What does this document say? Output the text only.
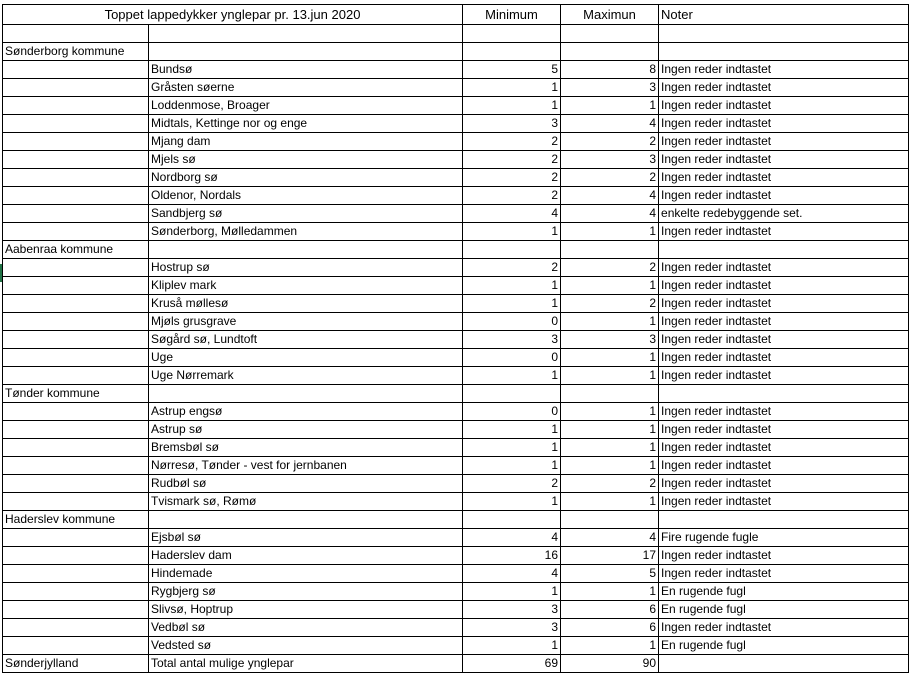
Toppet lappedykker ynglepar pr. 13.jun 2020		Minimum	Maximun	Noter

Sønderborg kommune				
	Bundsø	5	8	Ingen reder indtastet
	Gråsten søerne	1	3	Ingen reder indtastet
	Loddenmose, Broager	1	1	Ingen reder indtastet
	Midtals, Kettinge nor og enge	3	4	Ingen reder indtastet
	Mjang dam	2	2	Ingen reder indtastet
	Mjels sø	2	3	Ingen reder indtastet
	Nordborg sø	2	2	Ingen reder indtastet
	Oldenor, Nordals	2	4	Ingen reder indtastet
	Sandbjerg sø	4	4	enkelte redebyggende set.
	Sønderborg, Mølledammen	1	1	Ingen reder indtastet
Aabenraa kommune				
	Hostrup sø	2	2	Ingen reder indtastet
	Kliplev mark	1	1	Ingen reder indtastet
	Kruså møllesø	1	2	Ingen reder indtastet
	Mjøls grusgrave	0	1	Ingen reder indtastet
	Søgård sø, Lundtoft	3	3	Ingen reder indtastet
	Uge	0	1	Ingen reder indtastet
	Uge Nørremark	1	1	Ingen reder indtastet
Tønder kommune				
	Astrup engsø	0	1	Ingen reder indtastet
	Astrup sø	1	1	Ingen reder indtastet
	Bremsbøl sø	1	1	Ingen reder indtastet
	Nørresø, Tønder - vest for jernbanen	1	1	Ingen reder indtastet
	Rudbøl sø	2	2	Ingen reder indtastet
	Tvismark sø, Rømø	1	1	Ingen reder indtastet
Haderslev kommune				
	Ejsbøl sø	4	4	Fire rugende fugle
	Haderslev dam	16	17	Ingen reder indtastet
	Hindemade	4	5	Ingen reder indtastet
	Rygbjerg sø	1	1	En rugende fugl
	Slivsø, Hoptrup	3	6	En rugende fugl
	Vedbøl sø	3	6	Ingen reder indtastet
	Vedsted sø	1	1	En rugende fugl
Sønderjylland	Total antal mulige ynglepar	69	90	
